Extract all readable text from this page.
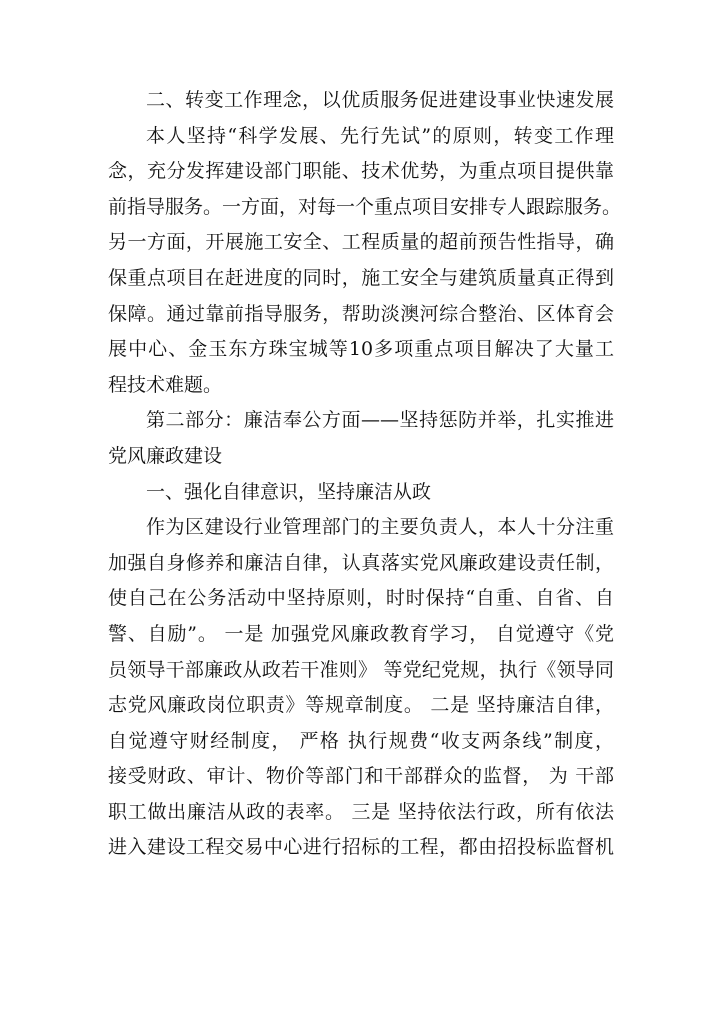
二、转变工作理念，以优质服务促进建设事业快速发展
本人坚持“科学发展、先行先试”的原则，转变工作理
念，充分发挥建设部门职能、技术优势，为重点项目提供靠
前指导服务。一方面，对每一个重点项目安排专人跟踪服务。
另一方面，开展施工安全、工程质量的超前预告性指导，确
保重点项目在赶进度的同时，施工安全与建筑质量真正得到
保障。通过靠前指导服务，帮助淡澳河综合整治、区体育会
展中心、金玉东方珠宝城等10多项重点项目解决了大量工
程技术难题。
第二部分：廉洁奉公方面——坚持惩防并举，扎实推进
党风廉政建设
一、强化自律意识，坚持廉洁从政
作为区建设行业管理部门的主要负责人，本人十分注重
加强自身修养和廉洁自律，认真落实党风廉政建设责任制，
使自己在公务活动中坚持原则，时时保持“自重、自省、自
警、自励”。 一是 加强党风廉政教育学习， 自觉遵守《党
员领导干部廉政从政若干准则》 等党纪党规，执行《领导同
志党风廉政岗位职责》等规章制度。 二是 坚持廉洁自律，
自觉遵守财经制度， 严格 执行规费“收支两条线”制度，
接受财政、审计、物价等部门和干部群众的监督， 为 干部
职工做出廉洁从政的表率。 三是 坚持依法行政，所有依法
进入建设工程交易中心进行招标的工程，都由招投标监督机
